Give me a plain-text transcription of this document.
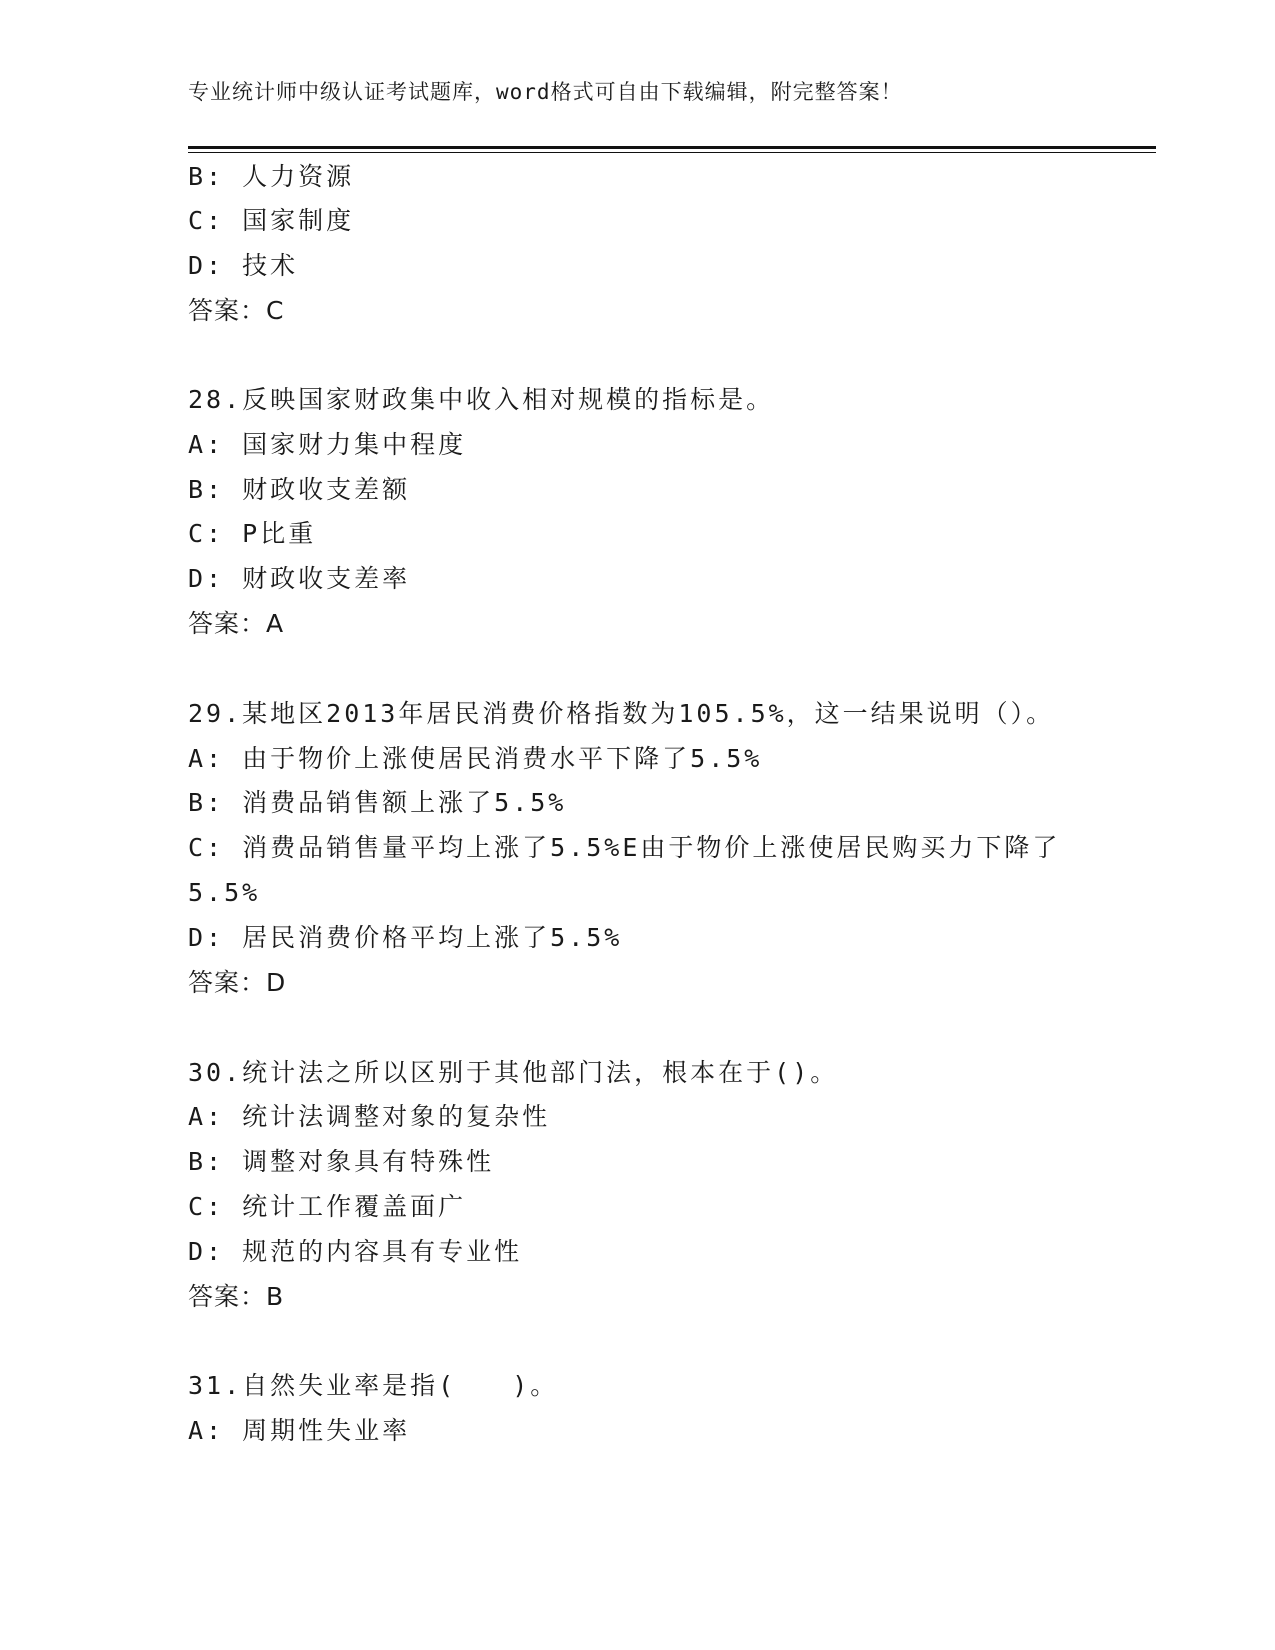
专业统计师中级认证考试题库，word格式可自由下载编辑，附完整答案！
B: 人力资源
C: 国家制度
D: 技术
答案：C
28.反映国家财政集中收入相对规模的指标是。
A: 国家财力集中程度
B: 财政收支差额
C: P比重
D: 财政收支差率
答案：A
29.某地区2013年居民消费价格指数为105.5%，这一结果说明（）。
A: 由于物价上涨使居民消费水平下降了5.5%
B: 消费品销售额上涨了5.5%
C: 消费品销售量平均上涨了5.5%E由于物价上涨使居民购买力下降了
5.5%
D: 居民消费价格平均上涨了5.5%
答案：D
30.统计法之所以区别于其他部门法，根本在于()。
A: 统计法调整对象的复杂性
B: 调整对象具有特殊性
C: 统计工作覆盖面广
D: 规范的内容具有专业性
答案：B
31.自然失业率是指(　　)。
A: 周期性失业率
